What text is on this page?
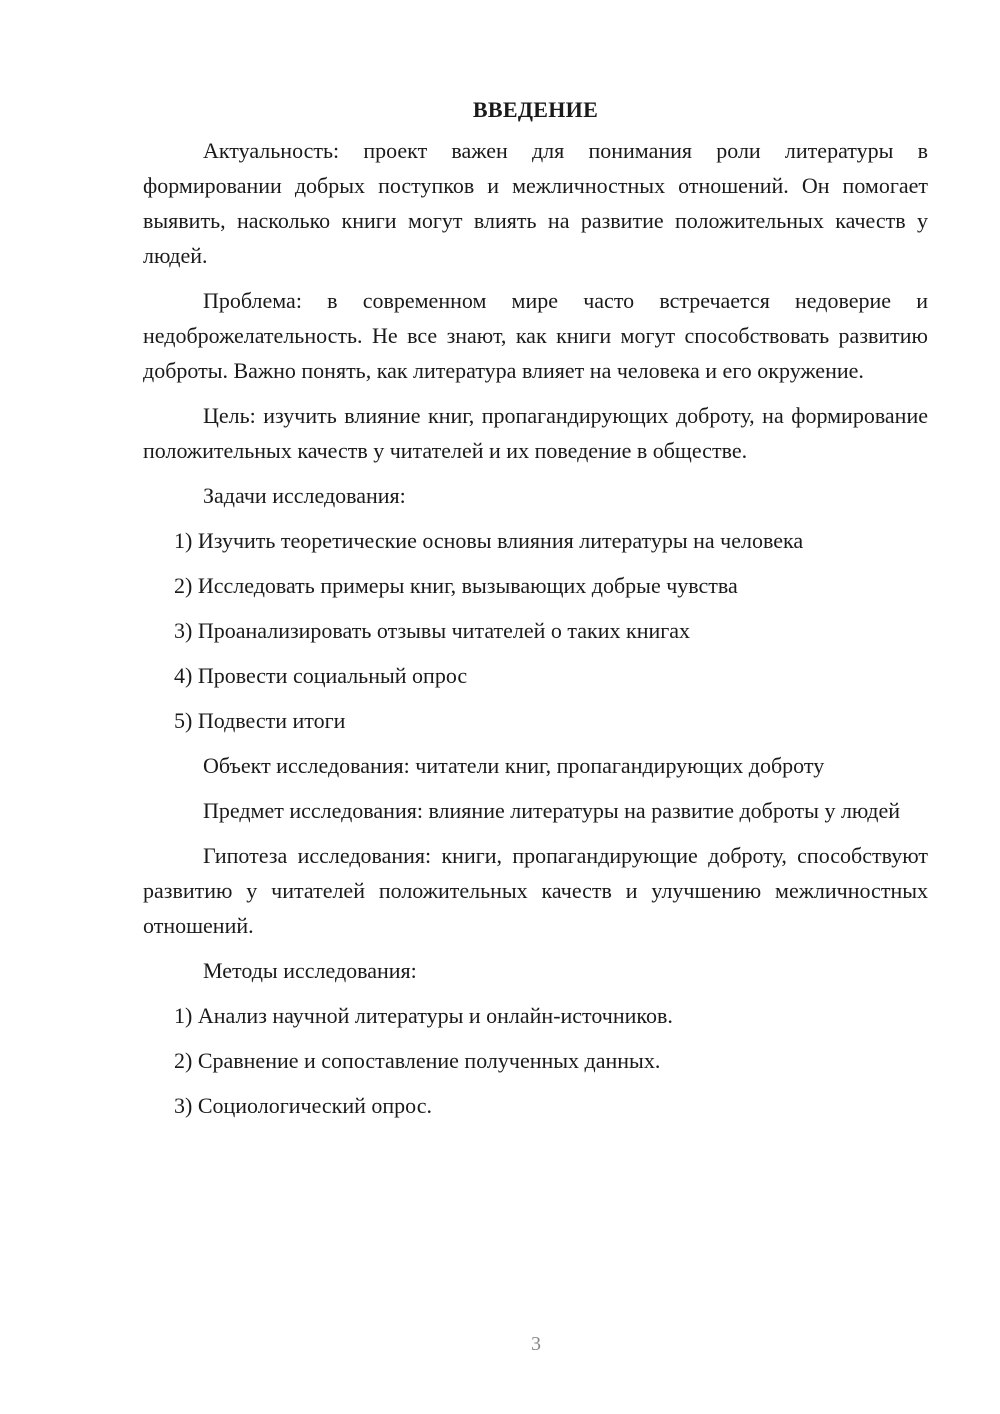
ВВЕДЕНИЕ

Актуальность: проект важен для понимания роли литературы в формировании добрых поступков и межличностных отношений. Он помогает выявить, насколько книги могут влиять на развитие положительных качеств у людей.

Проблема: в современном мире часто встречается недоверие и недоброжелательность. Не все знают, как книги могут способствовать развитию доброты. Важно понять, как литература влияет на человека и его окружение.

Цель: изучить влияние книг, пропагандирующих доброту, на формирование положительных качеств у читателей и их поведение в обществе.

Задачи исследования:

1) Изучить теоретические основы влияния литературы на человека

2) Исследовать примеры книг, вызывающих добрые чувства

3) Проанализировать отзывы читателей о таких книгах

4) Провести социальный опрос

5) Подвести итоги

Объект исследования: читатели книг, пропагандирующих доброту

Предмет исследования: влияние литературы на развитие доброты у людей

Гипотеза исследования: книги, пропагандирующие доброту, способствуют развитию у читателей положительных качеств и улучшению межличностных отношений.

Методы исследования:

1) Анализ научной литературы и онлайн-источников.

2) Сравнение и сопоставление полученных данных.

3) Социологический опрос.

3
